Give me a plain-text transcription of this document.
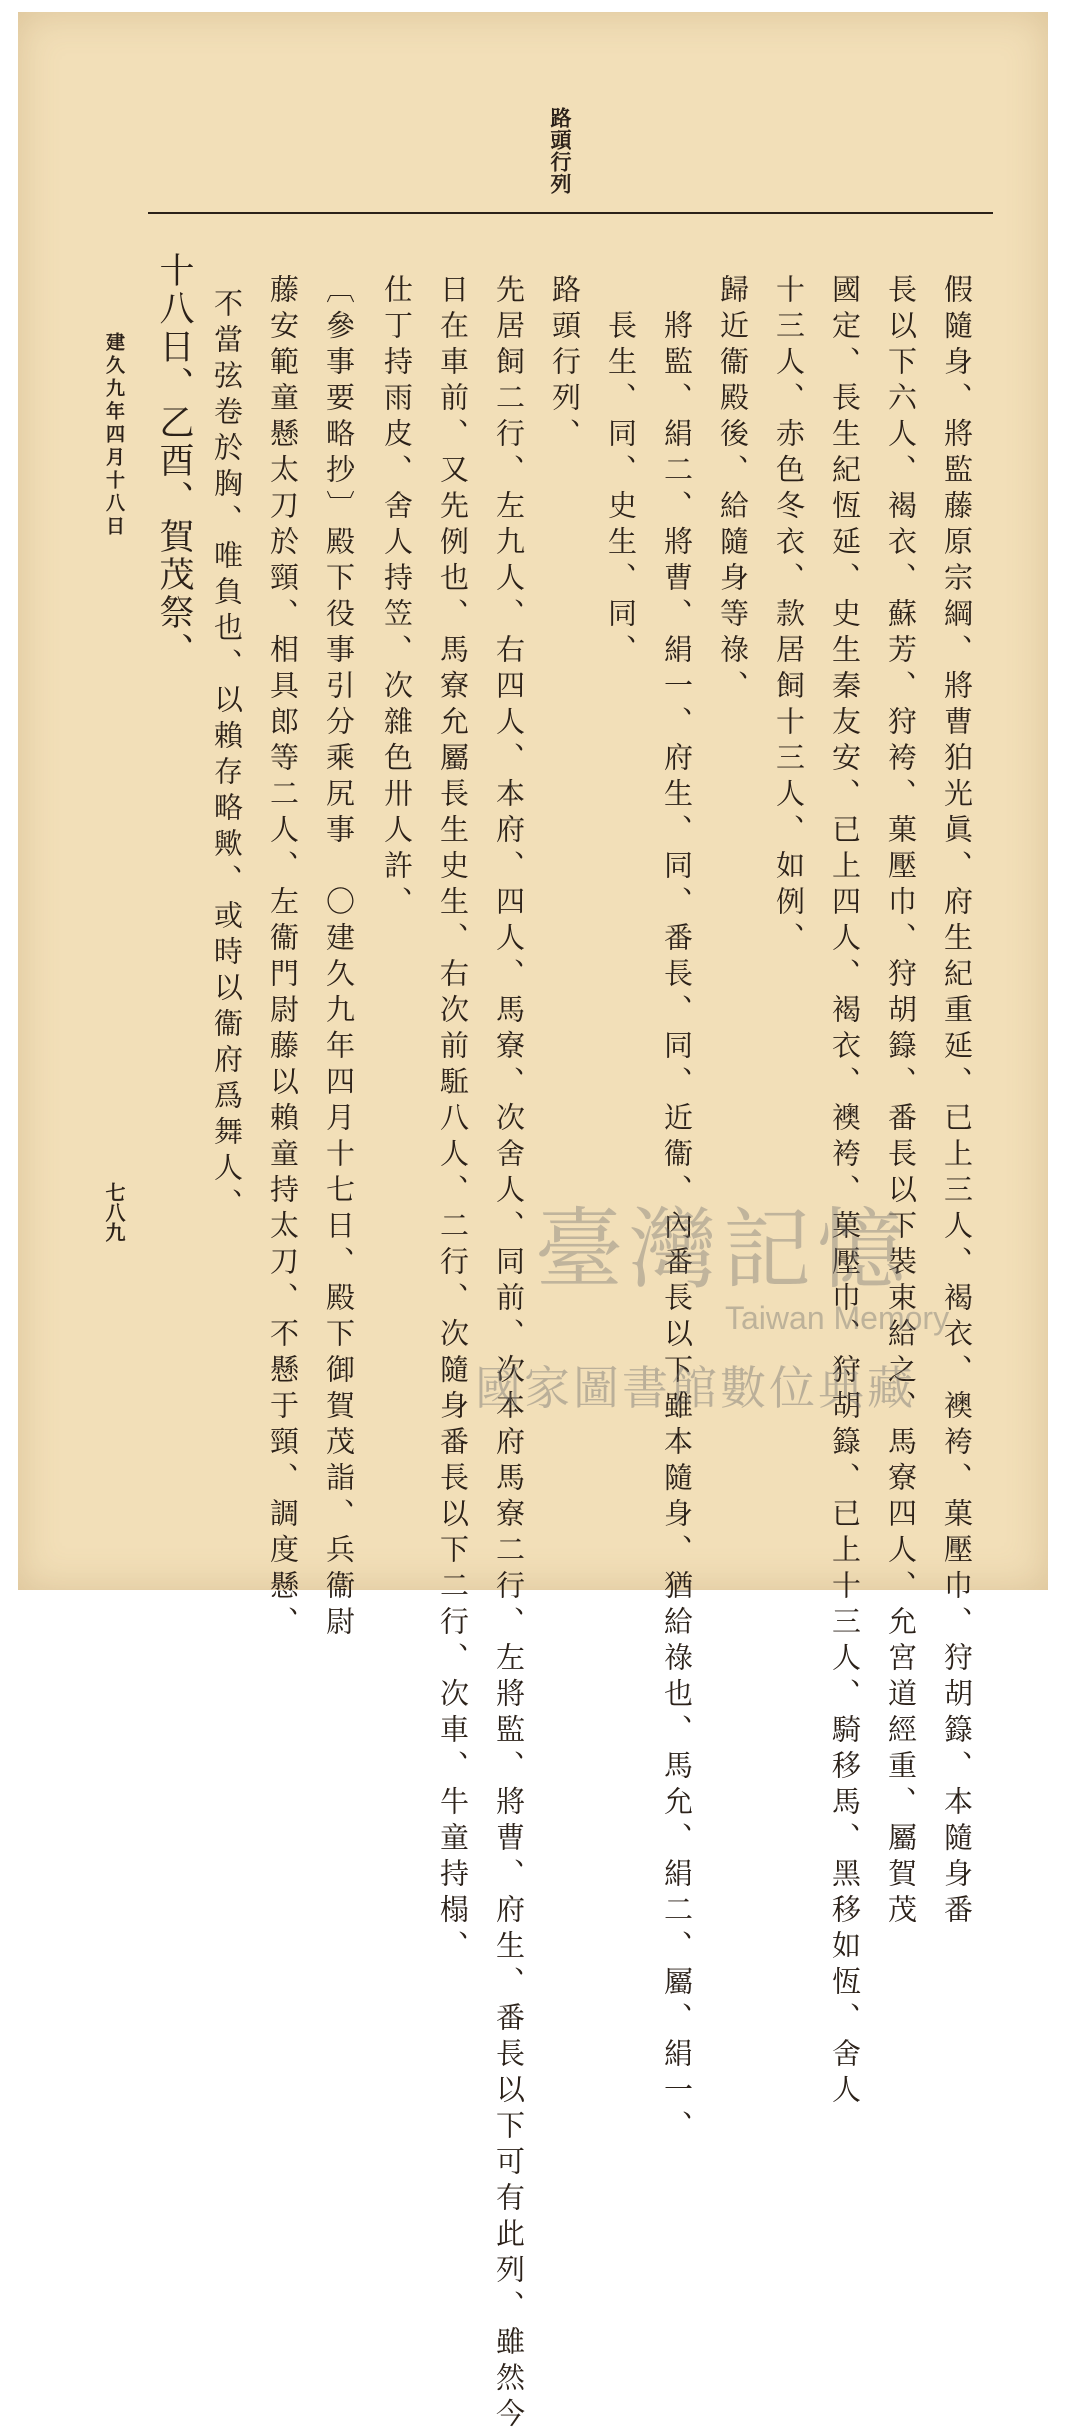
路頭行列
假隨身、將監藤原宗綱、將曹狛光眞、府生紀重延、已上三人、褐衣、襖袴、菓壓巾、狩胡籙、本隨身番
長以下六人、褐衣、蘇芳、狩袴、菓壓巾、狩胡籙、番長以下裝束給之、馬寮四人、允宮道經重、屬賀茂
國定、長生紀恆延、史生秦友安、已上四人、褐衣、襖袴、菓壓巾、狩胡籙、已上十三人、騎移馬、黑移如恆、舍人
十三人、赤色冬衣、款居飼十三人、如例、
歸近衞殿後、給隨身等祿、
將監、絹二、將曹、絹一、府生、同、番長、同、近衞、內番長以下雖本隨身、猶給祿也、馬允、絹二、屬、絹一、
長生、同、史生、同、
路頭行列、
先居飼二行、左九人、右四人、本府、四人、馬寮、次舍人、同前、次本府馬寮二行、左將監、將曹、府生、番長以下可有此列、雖然今
日在車前、又先例也、馬寮允屬長生史生、右次前駈八人、二行、次隨身番長以下二行、次車、牛童持榻、
仕丁持雨皮、舍人持笠、次雜色卅人許、
〔參事要略抄〕殿下役事引分乘尻事　〇建久九年四月十七日、殿下御賀茂詣、兵衞尉
藤安範童懸太刀於頸、相具郎等二人、左衞門尉藤以賴童持太刀、不懸于頸、調度懸、
不當弦卷於胸、唯負也、以賴存略歟、或時以衞府爲舞人、
十八日、乙酉、賀茂祭、
建久九年四月十八日
七八九	臺灣記憶
Taiwan Memory
國家圖書館數位典藏
